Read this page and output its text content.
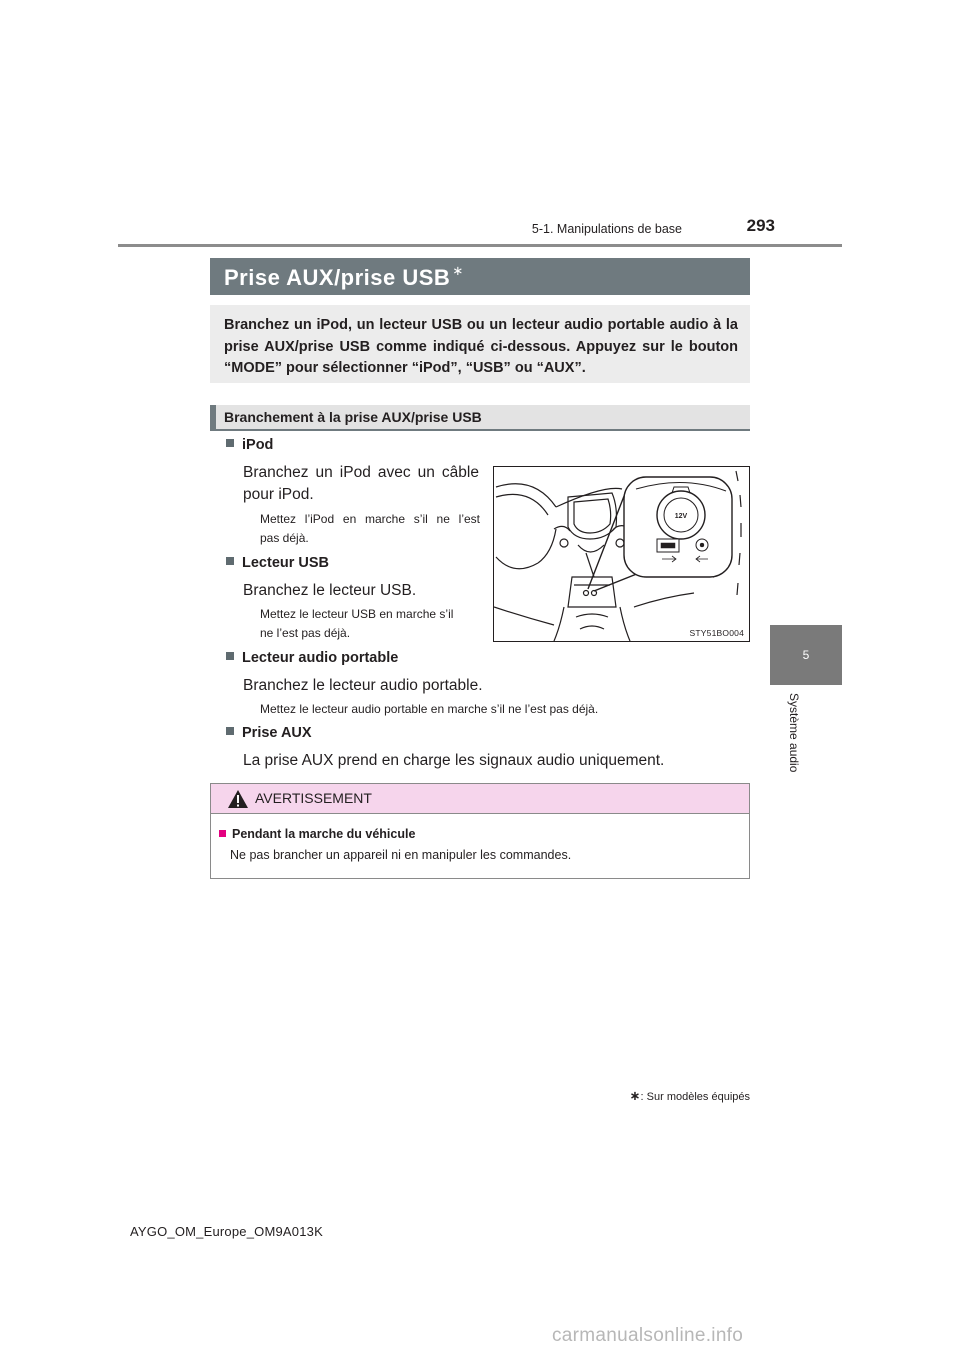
5-1. Manipulations de base	293
5
Système audio
Prise AUX/prise USB ∗
Branchez un iPod, un lecteur USB ou un lecteur audio portable audio à la prise AUX/prise USB comme indiqué ci-dessous. Appuyez sur le bouton “MODE” pour sélectionner “iPod”, “USB” ou “AUX”.
Branchement à la prise AUX/prise USB
iPod
Branchez un iPod avec un câble
pour iPod.
Mettez l’iPod en marche s’il ne l’est
pas déjà.
Lecteur USB
Branchez le lecteur USB.
Mettez le lecteur USB en marche s’il
ne l’est pas déjà.
Lecteur audio portable
Branchez le lecteur audio portable.
Mettez le lecteur audio portable en marche s’il ne l’est pas déjà.
Prise AUX
La prise AUX prend en charge les signaux audio uniquement.
12V
STY51BO004
AVERTISSEMENT
Pendant la marche du véhicule
Ne pas brancher un appareil ni en manipuler les commandes.
∗: Sur modèles équipés
AYGO_OM_Europe_OM9A013K
carmanualsonline.info
